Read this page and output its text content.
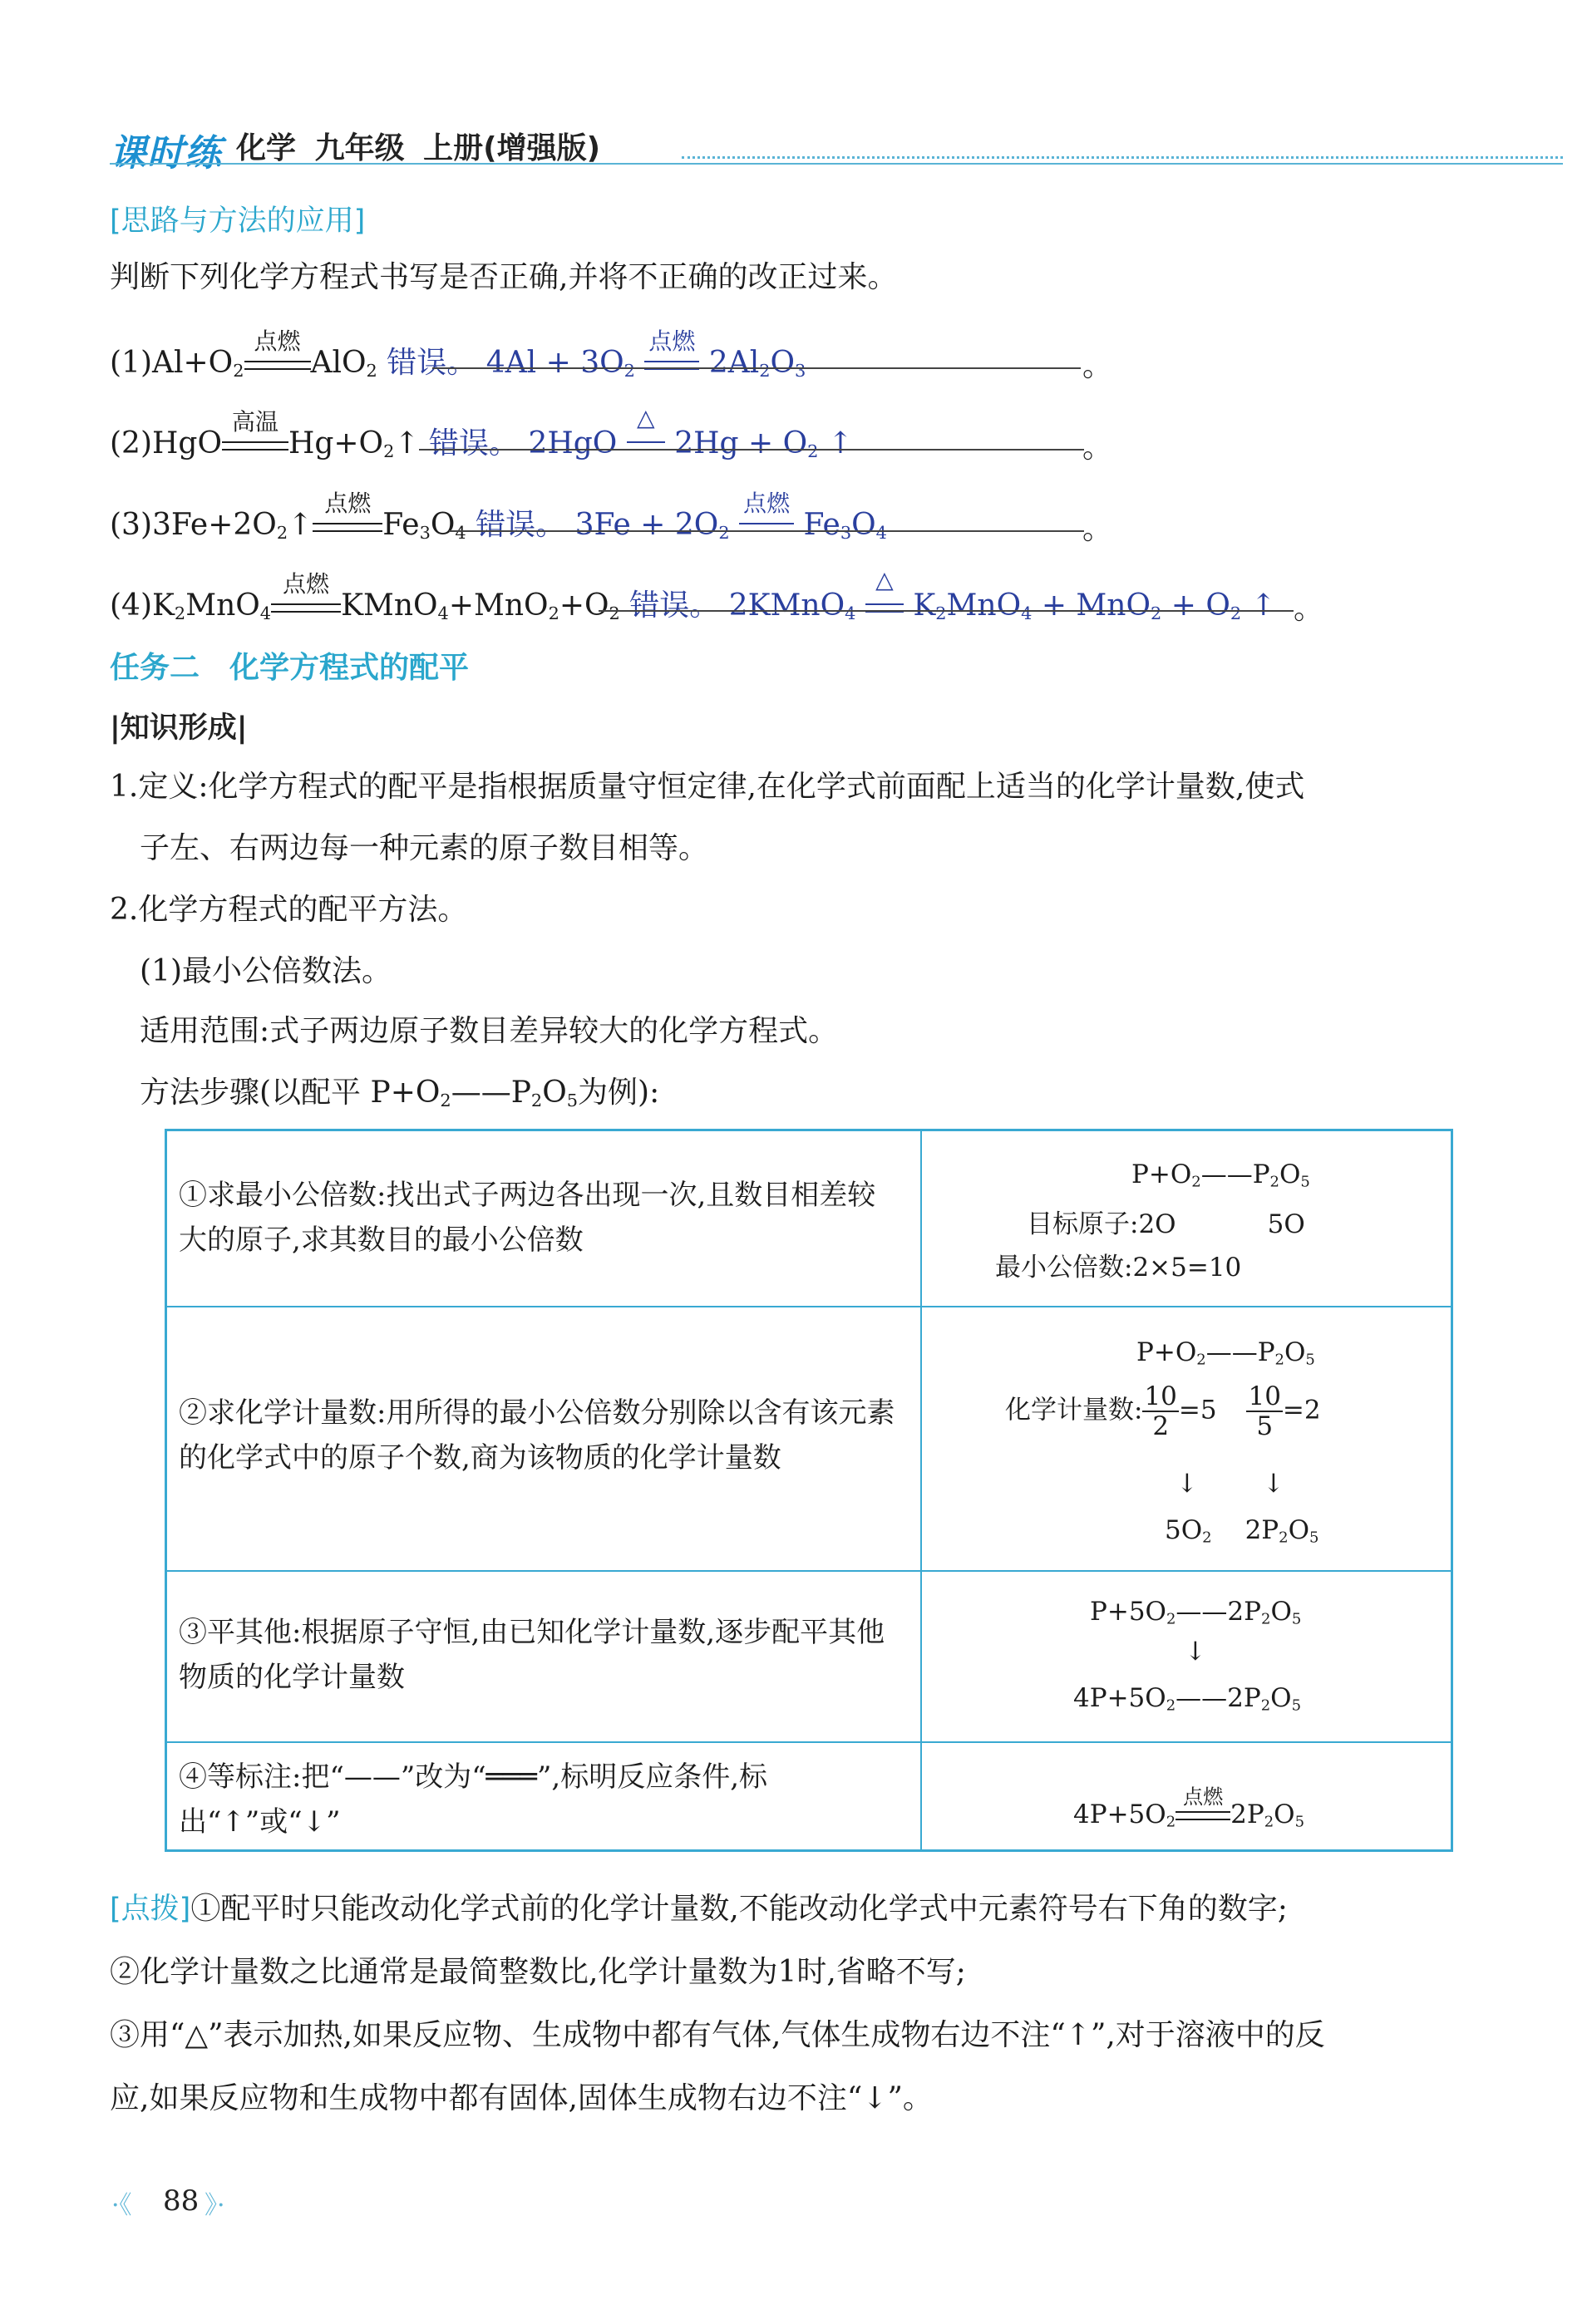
课时练 化学 九年级 上册(增强版)
[思路与方法的应用]
判断下列化学方程式书写是否正确,并将不正确的改正过来。
$(1)Al+O_2$
点燃
AlO$_2$ 错误。 $4Al + 3O_2$
点燃
$2Al_2O_3$	。
(2)HgO
高温
$Hg+O_2↑$ 错误。 2HgO
△
$2Hg + O_2$ ↑	。
$(3)3Fe+2O_2↑$
点燃
$Fe_3O_4$ 错误。 $3Fe + 2O_2$
点燃
$Fe_3O_4$	。
$(4)K_2MnO_4$
点燃
$KMnO_4+MnO_2+O_2$ 错误。 2KMnO$_4$
△
$K_2MnO_4 + MnO_2 + O_2$ ↑ 。
任务二　化学方程式的配平
|知识形成|
1.定义:化学方程式的配平是指根据质量守恒定律,在化学式前面配上适当的化学计量数,使式
子左、右两边每一种元素的原子数目相等。
2.化学方程式的配平方法。
(1)最小公倍数法。
适用范围:式子两边原子数目差异较大的化学方程式。
方法步骤(以配平 $P+O_2——P_2O_5$为例):
①求最小公倍数:找出式子两边各出现一次,且数目相差较大的原子,求其数目的最小公倍数
$P+O_2——P_2O_5$
目标原子:2O	5O
最小公倍数:2×5=10
②求化学计量数:用所得的最小公倍数分别除以含有该元素的化学式中的原子个数,商为该物质的化学计量数
$P+O_2——P_2O_5$
化学计量数: $\frac{10}{2} =5 \frac{10}{5} =2$
↓	↓
$5O_2$ $2P_2O_5$
③平其他:根据原子守恒,由已知化学计量数,逐步配平其他物质的化学计量数
$P+5O_2——2P_2O_5$
↓
$4P+5O_2——2P_2O_5$
④等标注:把“——”改为“═══”,标明反应条件,标出“↑”或“↓”	$4P+5O_2$
点燃
$2P_2O_5$
[点拨]①配平时只能改动化学式前的化学计量数,不能改动化学式中元素符号右下角的数字;
②化学计量数之比通常是最简整数比,化学计量数为1时,省略不写;
③用“△”表示加热,如果反应物、生成物中都有气体,气体生成物右边不注“↑”,对于溶液中的反
应,如果反应物和生成物中都有固体,固体生成物右边不注“↓”。
·《 88 》·
